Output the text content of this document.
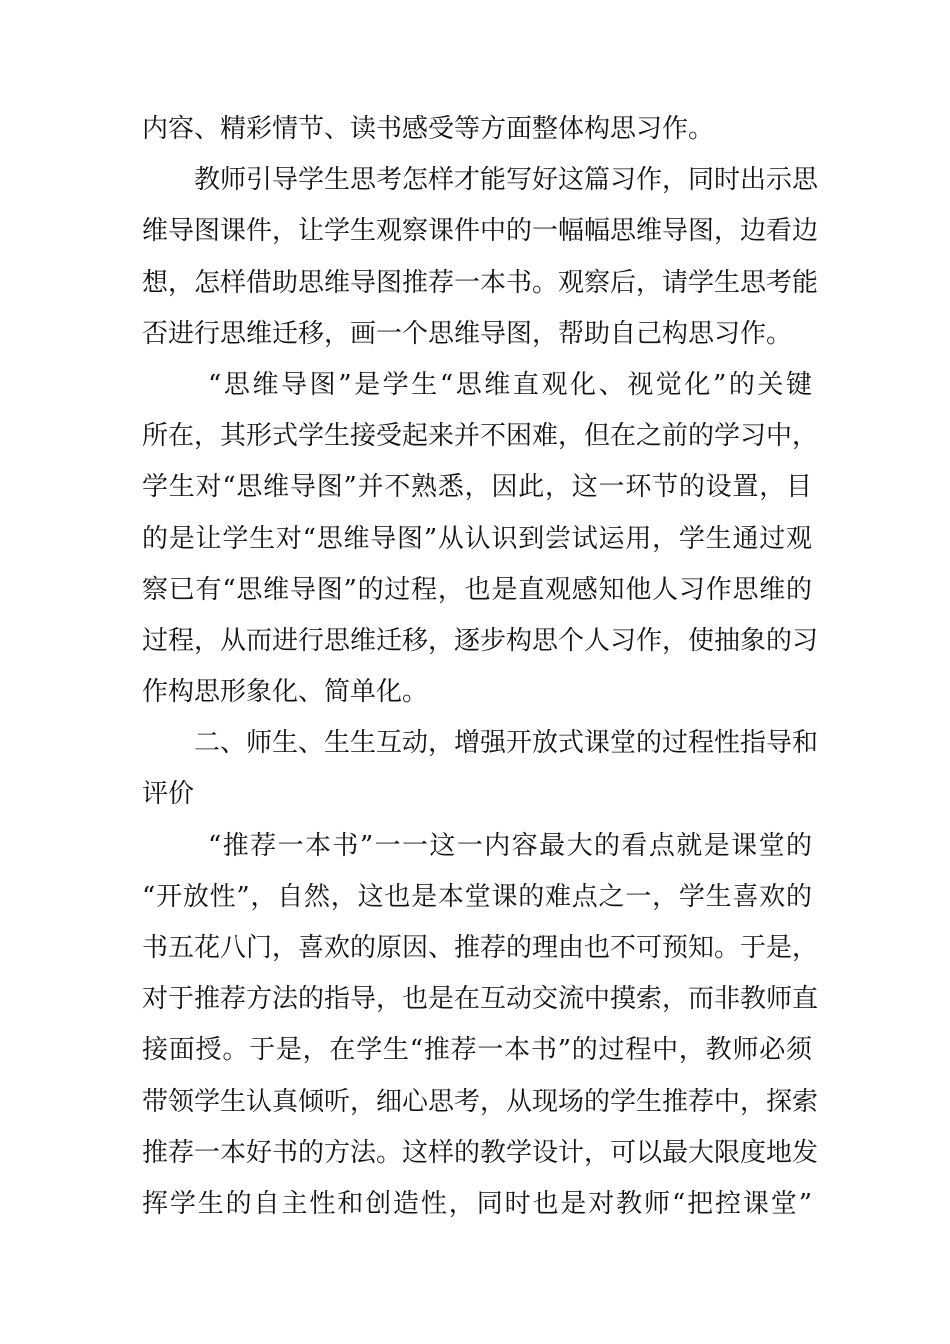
内容、精彩情节、读书感受等方面整体构思习作。
教师引导学生思考怎样才能写好这篇习作，同时出示思
维导图课件，让学生观察课件中的一幅幅思维导图，边看边
想，怎样借助思维导图推荐一本书。观察后，请学生思考能
否进行思维迁移，画一个思维导图，帮助自己构思习作。
“思维导图”是学生“思维直观化、视觉化”的关键
所在，其形式学生接受起来并不困难，但在之前的学习中，
学生对“思维导图”并不熟悉，因此，这一环节的设置，目
的是让学生对“思维导图”从认识到尝试运用，学生通过观
察已有“思维导图”的过程，也是直观感知他人习作思维的
过程，从而进行思维迁移，逐步构思个人习作，使抽象的习
作构思形象化、简单化。
二、师生、生生互动，增强开放式课堂的过程性指导和
评价
“推荐一本书”一一这一内容最大的看点就是课堂的
“开放性”，自然，这也是本堂课的难点之一，学生喜欢的
书五花八门，喜欢的原因、推荐的理由也不可预知。于是，
对于推荐方法的指导，也是在互动交流中摸索，而非教师直
接面授。于是，在学生“推荐一本书”的过程中，教师必须
带领学生认真倾听，细心思考，从现场的学生推荐中，探索
推荐一本好书的方法。这样的教学设计，可以最大限度地发
挥学生的自主性和创造性，同时也是对教师“把控课堂”
